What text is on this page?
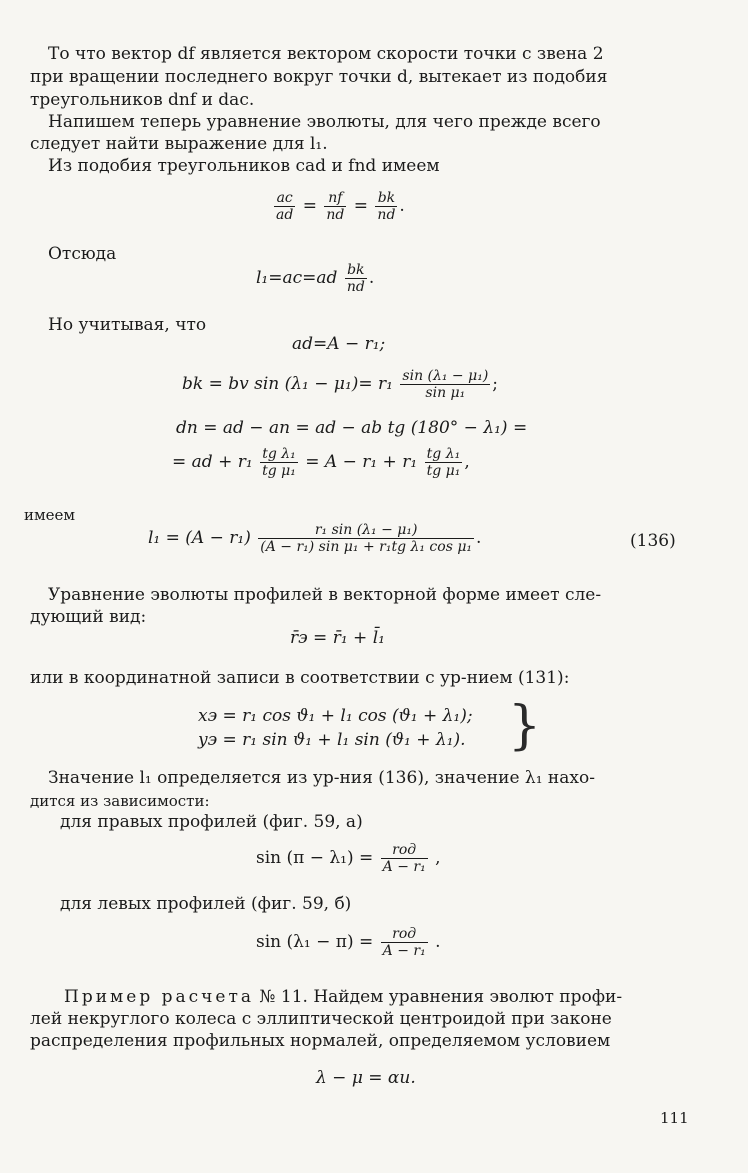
То что вектор df является вектором скорости точки c звена 2
при вращении последнего вокруг точки d, вытекает из подобия
треугольников dnf и dac.
Напишем теперь уравнение эволюты, для чего прежде всего
следует найти выражение для l₁.
Из подобия треугольников cad и fnd имеем
$\frac{ac}{ad} = \frac{nf}{nd} = \frac{bk}{nd}$ .
Отсюда
$l_1=ac=ad \frac{bk}{nd}$ .
Но учитывая, что
ad=A − r₁;
bk = bv $\sin (\lambda_1 - \mu_1)= r_1 \frac{\text{sin (λ₁ − μ₁)}}{\text{sin μ₁}}$ ;
dn = ad − an = ad − ab tg (180° − λ₁) =
= ad + $r_1 \frac{\text{tg λ₁}}{\text{tg μ₁}} = A - r_1 + r_1 \frac{\text{tg λ₁}}{\text{tg μ₁}}$ ,
имеем
$l_1 = (A - r_1) \frac{\text{r₁ sin (λ₁ − μ₁)}}{\text{(A − r₁) sin μ₁ + r₁tg λ₁ cos μ₁}}$ .	(136)
Уравнение эволюты профилей в векторной форме имеет сле-
дующий вид:
r̄э = r̄₁ + l̄₁
или в координатной записи в соответствии с ур-нием (131):
xэ = r₁ cos ϑ₁ + l₁ cos (ϑ₁ + λ₁);
yэ = r₁ sin ϑ₁ + l₁ sin (ϑ₁ + λ₁). }
Значение l₁ определяется из ур-ния (136), значение λ₁ нахо-
дится из зависимости:
для правых профилей (фиг. 59, а)
$\sin (\pi - \lambda_1) = \frac{\text{rод}}{\text{A − r₁}}$ ,
для левых профилей (фиг. 59, б)
$\sin (\lambda_1 - \pi) = \frac{\text{rод}}{\text{A − r₁}}$ .
Пример расчета № 11. Найдем уравнения эволют профи-
лей некруглого колеса с эллиптической центроидой при законе
распределения профильных нормалей, определяемом условием
λ − μ = αи.
111
